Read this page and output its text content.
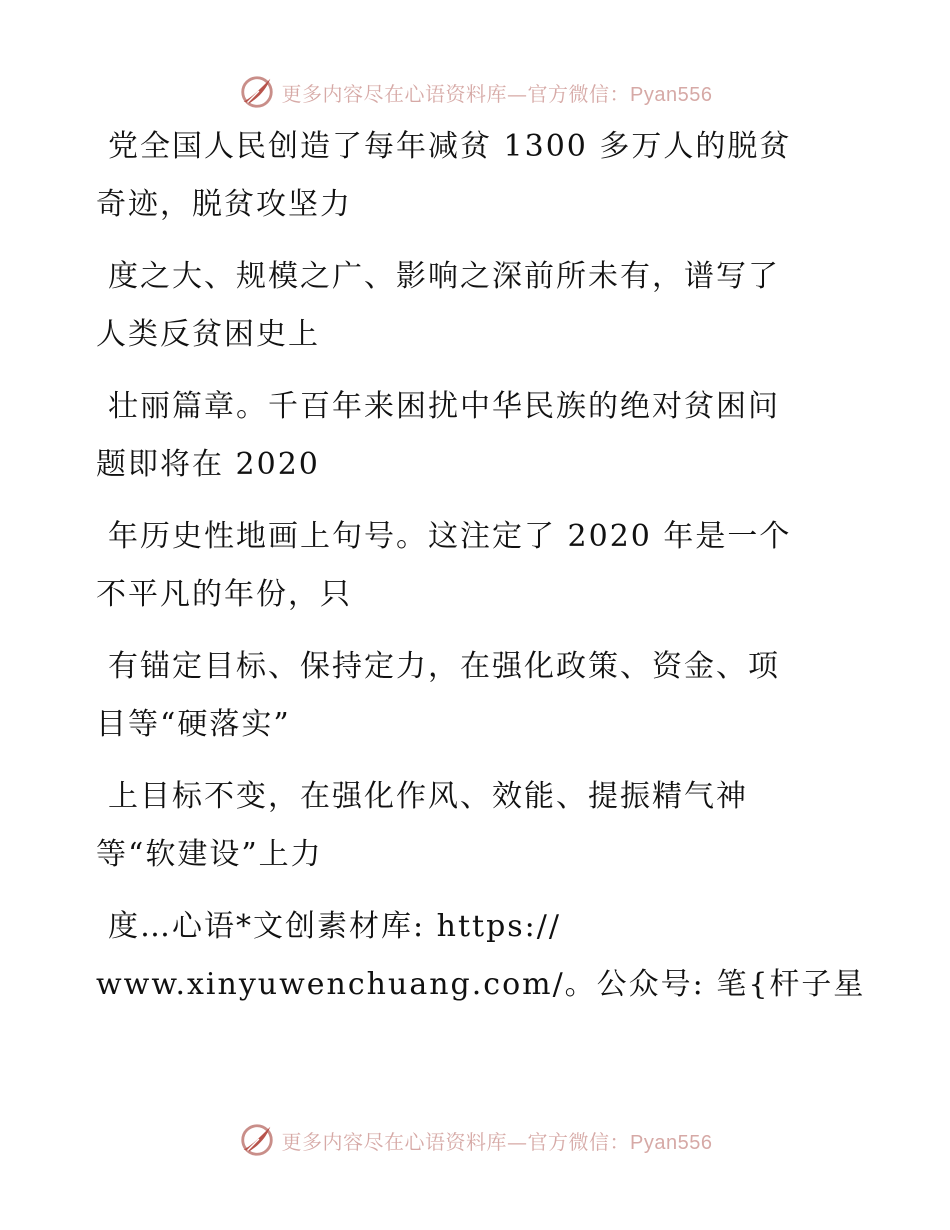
更多内容尽在心语资料库—官方微信：Pyan556

党全国人民创造了每年减贫 1300 多万人的脱贫
奇迹，脱贫攻坚力

度之大、规模之广、影响之深前所未有，谱写了
人类反贫困史上

壮丽篇章。千百年来困扰中华民族的绝对贫困问
题即将在 2020

年历史性地画上句号。这注定了 2020 年是一个
不平凡的年份，只

有锚定目标、保持定力，在强化政策、资金、项
目等“硬落实”

上目标不变，在强化作风、效能、提振精气神
等“软建设”上力

度…心语*文创素材库: https://
www.xinyuwenchuang.com/。公众号: 笔{杆子星

更多内容尽在心语资料库—官方微信：Pyan556
